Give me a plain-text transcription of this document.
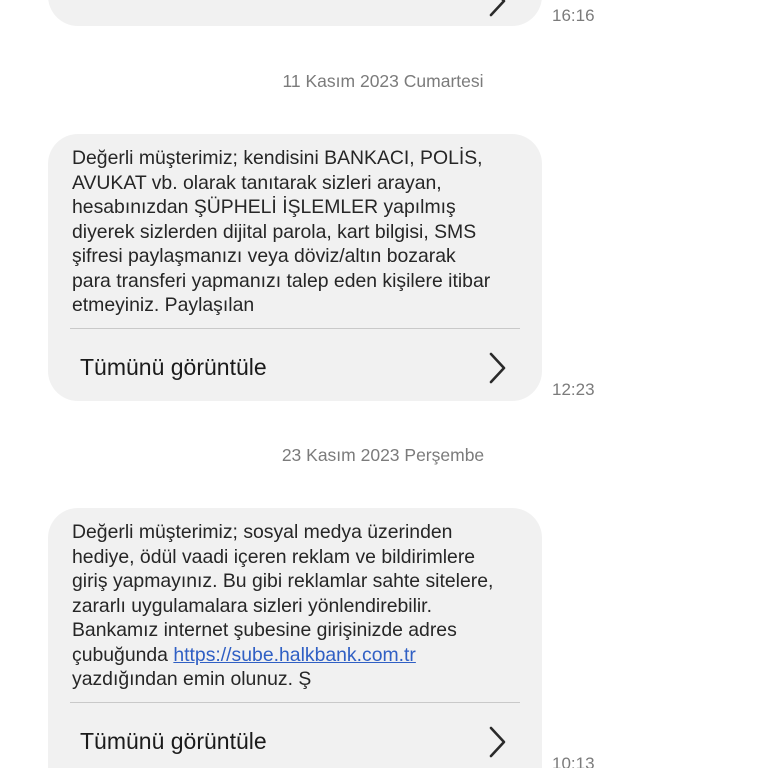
16:16
11 Kasım 2023 Cumartesi
Değerli müşterimiz; kendisini BANKACI, POLİS,
AVUKAT vb. olarak tanıtarak sizleri arayan,
hesabınızdan ŞÜPHELİ İŞLEMLER yapılmış
diyerek sizlerden dijital parola, kart bilgisi, SMS
şifresi paylaşmanızı veya döviz/altın bozarak
para transferi yapmanızı talep eden kişilere itibar
etmeyiniz. Paylaşılan
Tümünü görüntüle
12:23
23 Kasım 2023 Perşembe
Değerli müşterimiz; sosyal medya üzerinden
hediye, ödül vaadi içeren reklam ve bildirimlere
giriş yapmayınız. Bu gibi reklamlar sahte sitelere,
zararlı uygulamalara sizleri yönlendirebilir.
Bankamız internet şubesine girişinizde adres
çubuğunda https://sube.halkbank.com.tr
yazdığından emin olunuz. Ş
Tümünü görüntüle
10:13
